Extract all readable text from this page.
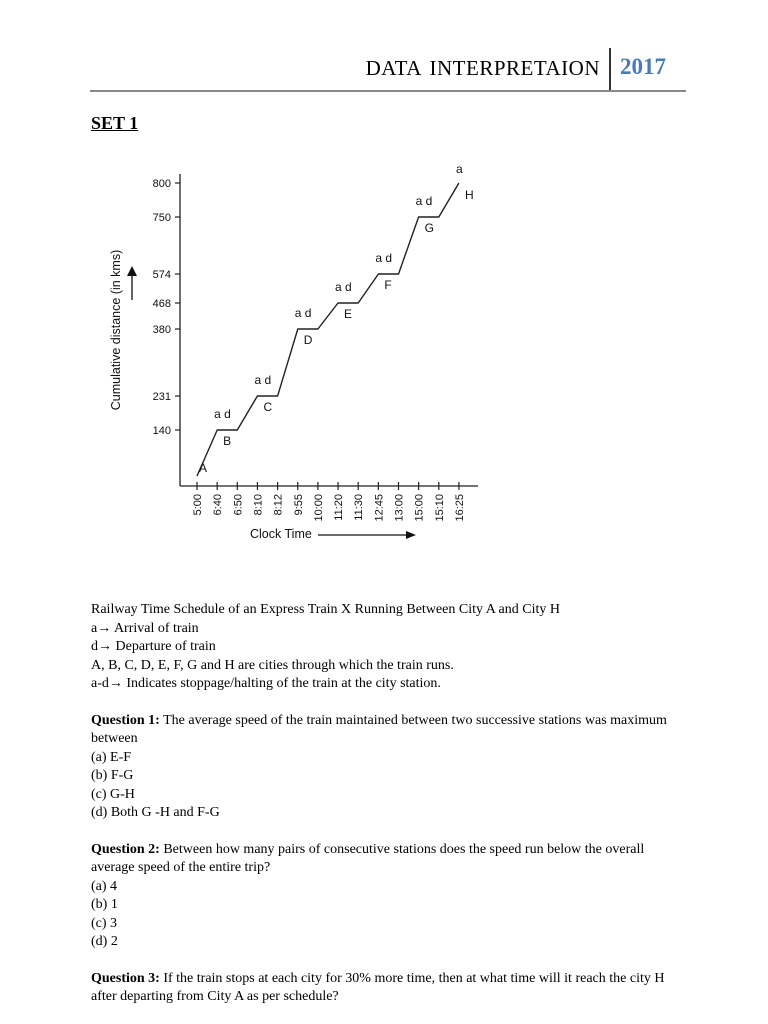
DATA INTERPRETAION 2017
SET 1
140
231
380
468
574
750
800
5:00 6:40 6:50 8:10 8:12 9:55 10:00 11:20 11:30 12:45 13:00 15:00 15:10 16:25
Cumulative distance (in kms)
Clock Time
A
a d
B
a d
C
a d
D
a d
E
a d
F
a d
G
a
H

Railway Time Schedule of an Express Train X Running Between City A and City H

a→ Arrival of train

d→ Departure of train

A, B, C, D, E, F, G and H are cities through which the train runs.

a-d→ Indicates stoppage/halting of the train at the city station.

Question 1: The average speed of the train maintained between two successive stations was maximum between

(a) E-F

(b) F-G

(c) G-H

(d) Both G -H and F-G

Question 2: Between how many pairs of consecutive stations does the speed run below the overall average speed of the entire trip?

(a) 4

(b) 1

(c) 3

(d) 2

Question 3: If the train stops at each city for 30% more time, then at what time will it reach the city H after departing from City A as per schedule?
